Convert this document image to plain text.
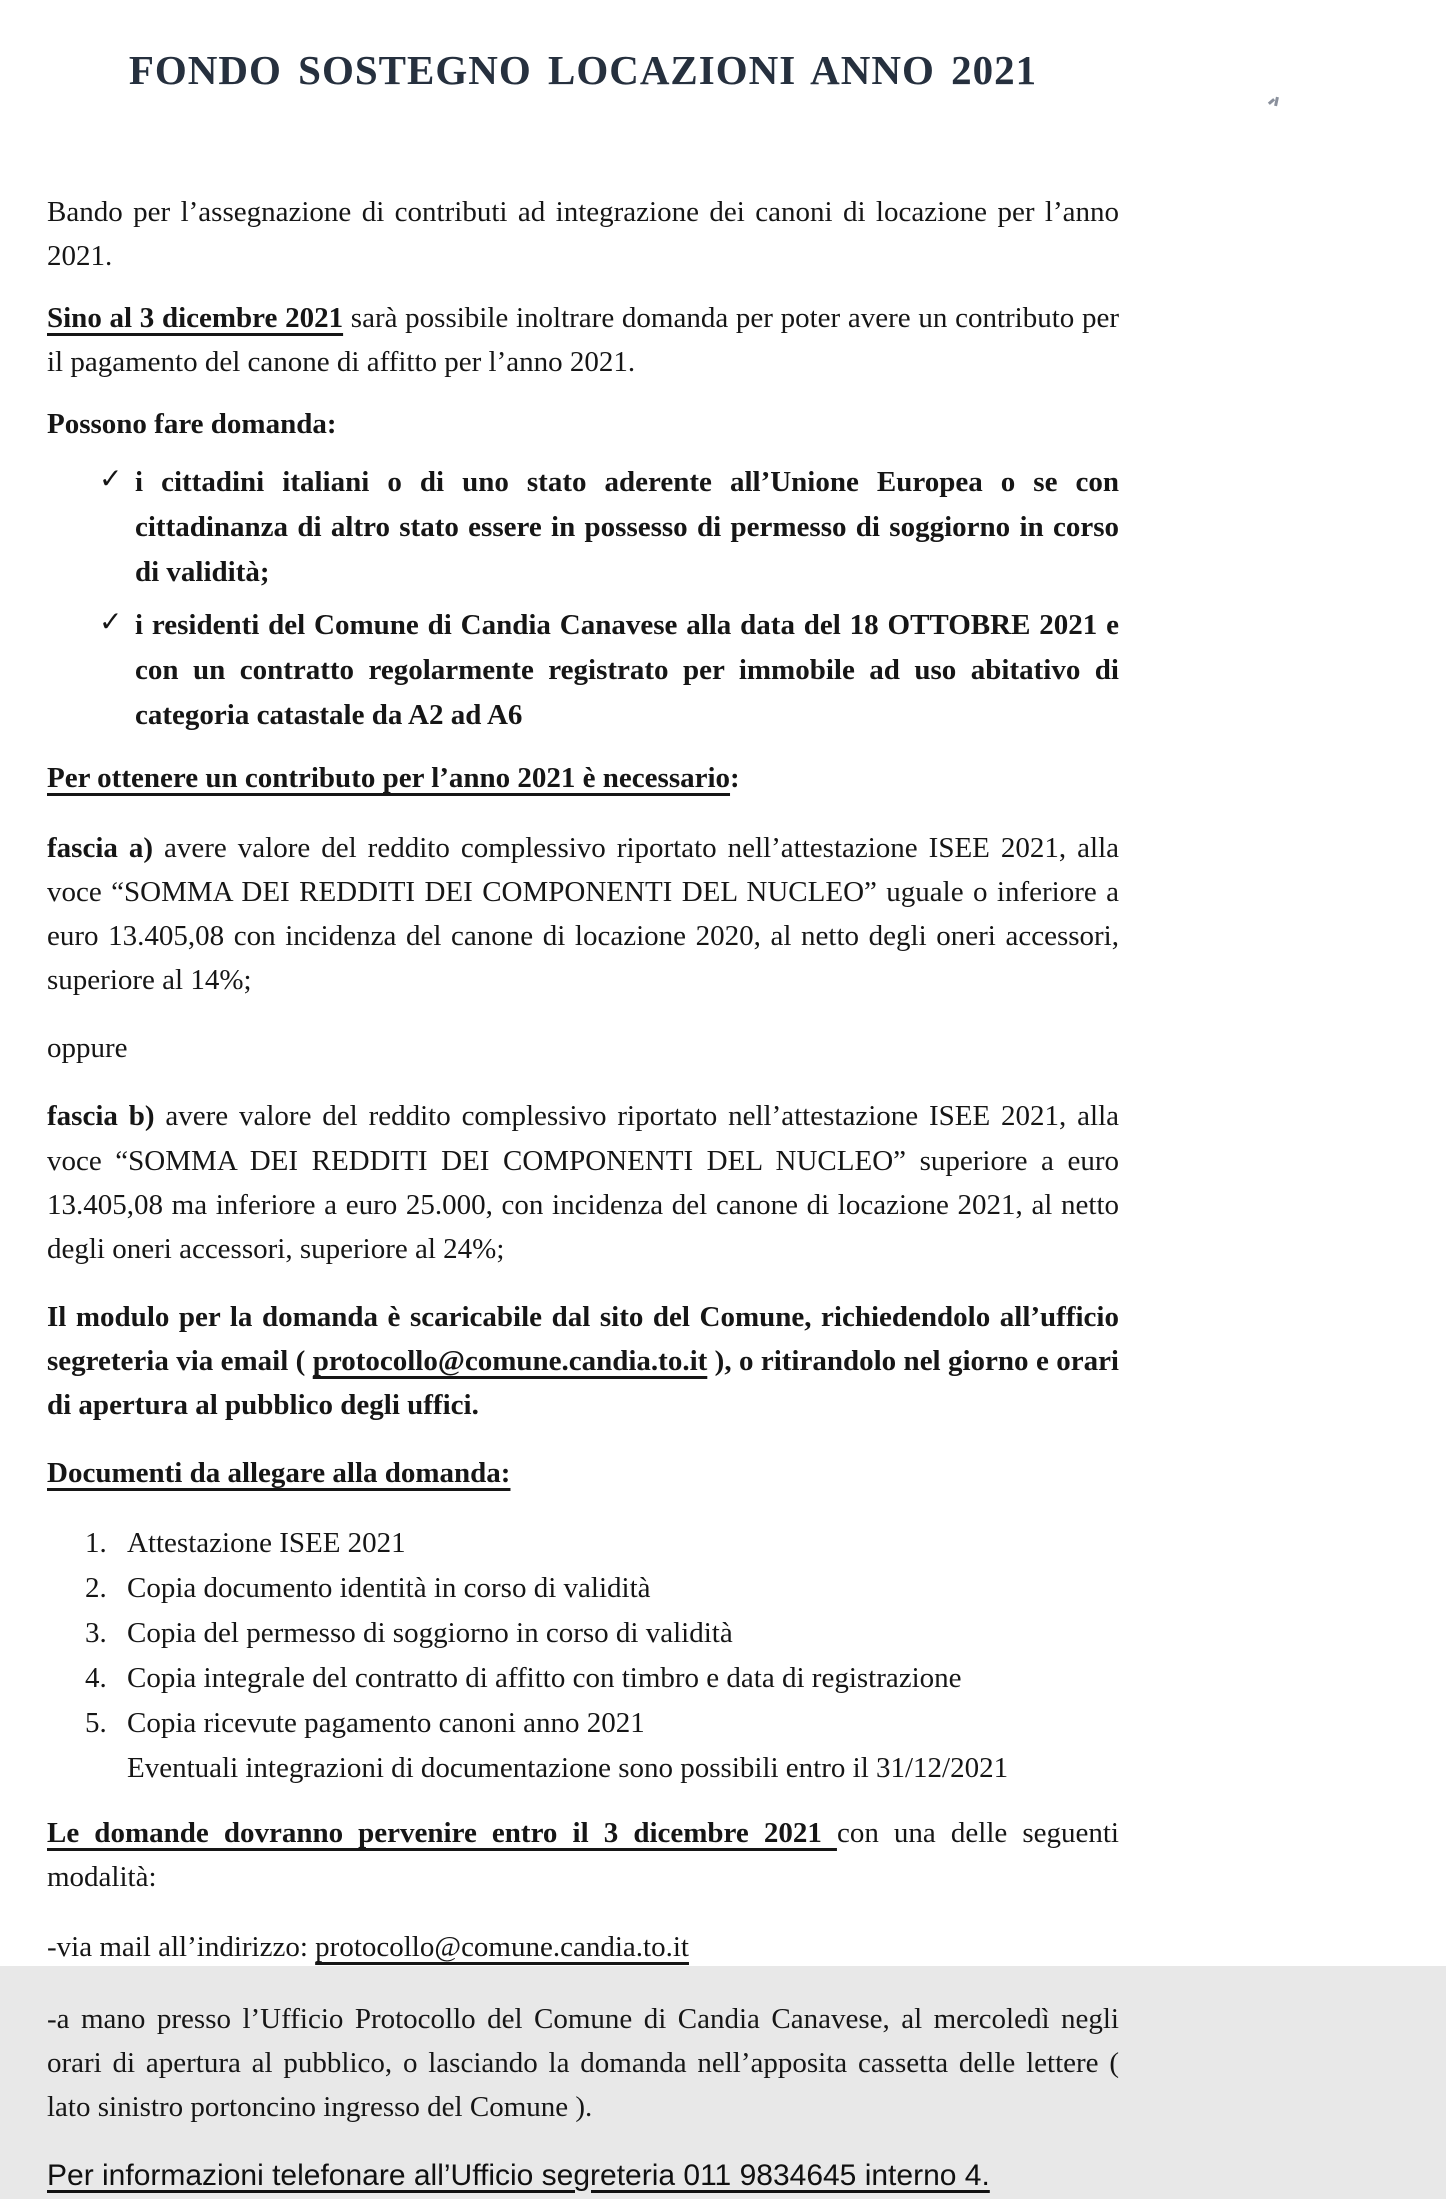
FONDO SOSTEGNO LOCAZIONI ANNO 2021

Bando per l’assegnazione di contributi ad integrazione dei canoni di locazione per l’anno 2021.

Sino al 3 dicembre 2021 sarà possibile inoltrare domanda per poter avere un contributo per il pagamento del canone di affitto per l’anno 2021.

Possono fare domanda:

✓ i cittadini italiani o di uno stato aderente all’Unione Europea o se con cittadinanza di altro stato essere in possesso di permesso di soggiorno in corso di validità;
✓ i residenti del Comune di Candia Canavese alla data del 18 OTTOBRE 2021 e con un contratto regolarmente registrato per immobile ad uso abitativo di categoria catastale da A2 ad A6

Per ottenere un contributo per l’anno 2021 è necessario:

fascia a) avere valore del reddito complessivo riportato nell’attestazione ISEE 2021, alla voce “SOMMA DEI REDDITI DEI COMPONENTI DEL NUCLEO” uguale o inferiore a euro 13.405,08 con incidenza del canone di locazione 2020, al netto degli oneri accessori, superiore al 14%;

oppure

fascia b) avere valore del reddito complessivo riportato nell’attestazione ISEE 2021, alla voce “SOMMA DEI REDDITI DEI COMPONENTI DEL NUCLEO” superiore a euro 13.405,08 ma inferiore a euro 25.000, con incidenza del canone di locazione 2021, al netto degli oneri accessori, superiore al 24%;

Il modulo per la domanda è scaricabile dal sito del Comune, richiedendolo all’ufficio segreteria via email ( protocollo@comune.candia.to.it ), o ritirandolo nel giorno e orari di apertura al pubblico degli uffici.

Documenti da allegare alla domanda:

1. Attestazione ISEE 2021
2. Copia documento identità in corso di validità
3. Copia del permesso di soggiorno in corso di validità
4. Copia integrale del contratto di affitto con timbro e data di registrazione
5. Copia ricevute pagamento canoni anno 2021
Eventuali integrazioni di documentazione sono possibili entro il 31/12/2021

Le domande dovranno pervenire entro il 3 dicembre 2021 con una delle seguenti modalità:

-via mail all’indirizzo: protocollo@comune.candia.to.it

-a mano presso l’Ufficio Protocollo del Comune di Candia Canavese, al mercoledì negli orari di apertura al pubblico, o lasciando la domanda nell’apposita cassetta delle lettere ( lato sinistro portoncino ingresso del Comune ).

Per informazioni telefonare all’Ufficio segreteria 011 9834645 interno 4.
